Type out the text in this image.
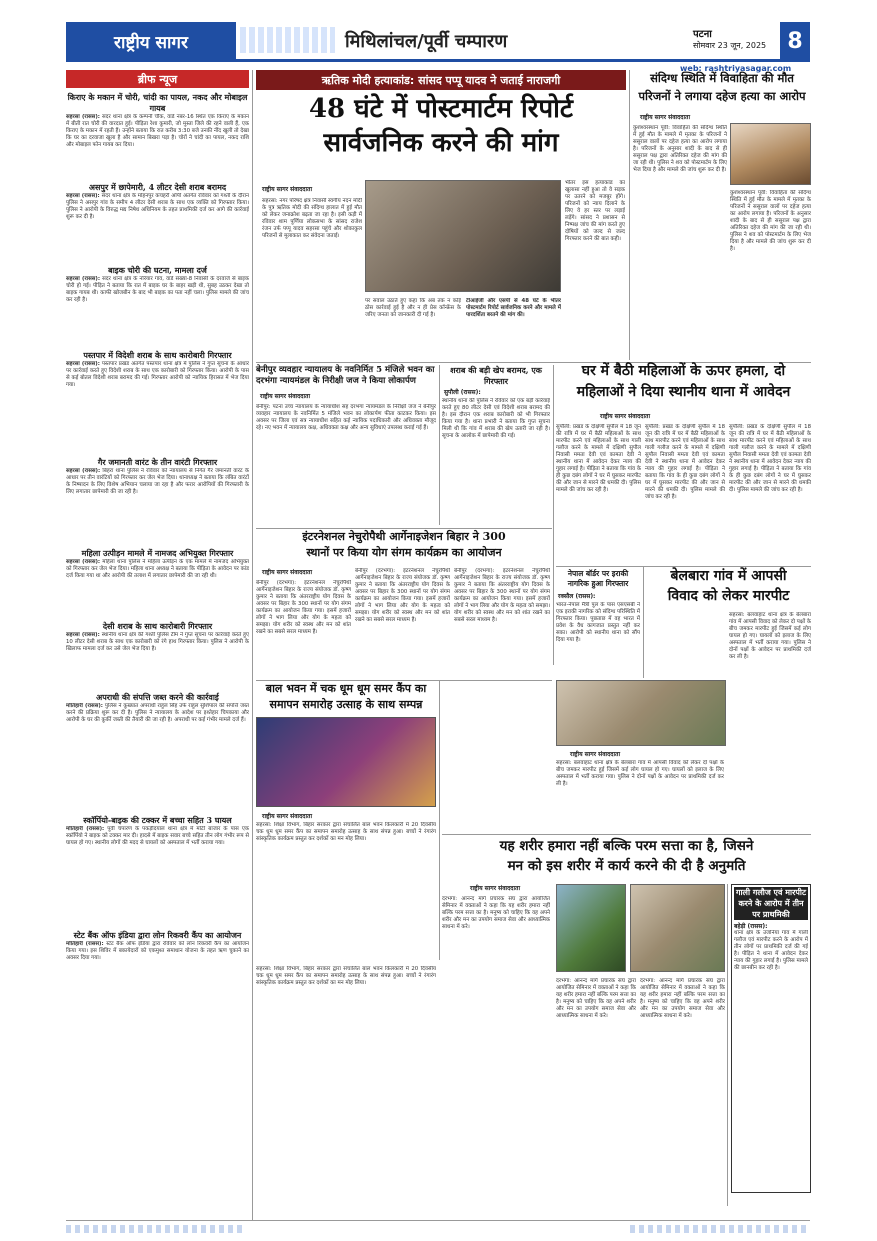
राष्ट्रीय सागर	मिथिलांचल/पूर्वी चम्पारण	पटना
सोमवार 23 जून, 2025 8
web: rashtriyasagar.com
ब्रीफ न्यूज
किराए के मकान में चोरी, चांदी का पायल, नकद और मोबाइल गायब
सहरसा (रासस): सदर थाना क्षेत्र के कम्पनी चौक, वार्ड नंबर-16 स्थित एक किराए के मकान में बीती रात चोरी की वारदात हुई। पीड़िता रेशा कुमारी, जो मुस्ता जिले की रहने वाली हैं, एक किराए के मकान में रहती हैं। उन्होंने बताया कि रात करीब 3:30 बजे उनकी नींद खुली तो देखा कि घर का दरवाजा खुला है और सामान बिखरा पड़ा है। चोरों ने चांदी का पायल, नकद राशि और मोबाइल फोन गायब कर दिया।
असपुर में छापेमारी, 4 लीटर देसी शराब बरामद
सहरसा (रासस): सदर थाना क्षेत्र के मोहनपुर कचहरी ओपी अंतर्गत रविवार को गश्ती के दौरान पुलिस ने असपुर गांव के समीप 4 लीटर देसी शराब के साथ एक व्यक्ति को गिरफ्तार किया। पुलिस ने आरोपी के विरुद्ध मद्य निषेध अधिनियम के तहत प्राथमिकी दर्ज कर आगे की कार्रवाई शुरू कर दी है।
बाइक चोरी की घटना, मामला दर्ज
सहरसा (रासस): सदर थाना क्षेत्र के नरियार गांव, वार्ड संख्या-8 निवासी के दरवाजे से बाइक चोरी हो गई। पीड़ित ने बताया कि रात में बाइक घर के बाहर खड़ी थी, सुबह उठकर देखा तो बाइक गायब थी। काफी खोजबीन के बाद भी बाइक का पता नहीं चला। पुलिस मामले की जांच कर रही है।
पस्तपार में विदेशी शराब के साथ कारोबारी गिरफ्तार
सहरसा (रासस): पस्तपार प्रखंड अंतर्गत पस्तपार थाना क्षेत्र में पुलिस ने गुप्त सूचना के आधार पर कार्रवाई करते हुए विदेशी शराब के साथ एक कारोबारी को गिरफ्तार किया। आरोपी के पास से कई बोतल विदेशी शराब बरामद की गई। गिरफ्तार आरोपी को न्यायिक हिरासत में भेज दिया गया।
गैर जमानती वारंट के तीन वारंटी गिरफ्तार
सहरसा (रासस): बिहरा थाना पुलिस ने रविवार को न्यायालय से निर्गत गैर जमानती वारंट के आधार पर तीन वारंटियों को गिरफ्तार कर जेल भेज दिया। थानाध्यक्ष ने बताया कि लंबित वारंटों के निष्पादन के लिए विशेष अभियान चलाया जा रहा है और फरार आरोपियों की गिरफ्तारी के लिए लगातार छापेमारी की जा रही है।
महिला उत्पीड़न मामले में नामजद अभियुक्त गिरफ्तार
सहरसा (रासस): महिला थाना पुलिस ने महिला उत्पीड़न के एक मामले में नामजद अभियुक्त को गिरफ्तार कर जेल भेज दिया। महिला थाना अध्यक्ष ने बताया कि पीड़िता के आवेदन पर कांड दर्ज किया गया था और आरोपी की तलाश में लगातार छापेमारी की जा रही थी।
देसी शराब के साथ कारोबारी गिरफ्तार
सहरसा (रासस): स्थानीय थाना क्षेत्र की गश्ती पुलिस टीम ने गुप्त सूचना पर कार्रवाई करते हुए 10 लीटर देसी शराब के साथ एक कारोबारी को रंगे हाथ गिरफ्तार किया। पुलिस ने आरोपी के खिलाफ मामला दर्ज कर उसे जेल भेज दिया है।
अपराधी की संपत्ति जब्त करने की कार्रवाई
मोतिहारी (रासस): पुलिस ने कुख्यात अपराधी राहुल सिंह उर्फ राहुल सुशिपाल की संपत्ति जब्त करने की प्रक्रिया शुरू कर दी है। पुलिस ने न्यायालय के आदेश पर इश्तेहार चिपकाया और आरोपी के घर की कुर्की जब्ती की तैयारी की जा रही है। अपराधी पर कई गंभीर मामले दर्ज हैं।
स्कॉर्पियो-बाइक की टक्कर में बच्चा सहित 3 घायल
मोतिहारी (रासस): पूर्वी चंपारण के पकड़ीदयाल थाना क्षेत्र में मोटी बाजार के पास एक स्कॉर्पियो ने बाइक को टक्कर मार दी। हादसे में बाइक सवार बच्चे सहित तीन लोग गंभीर रूप से घायल हो गए। स्थानीय लोगों की मदद से घायलों को अस्पताल में भर्ती कराया गया।
स्टेट बैंक ऑफ इंडिया द्वारा लोन रिकवरी कैंप का आयोजन
मोतिहारी (रासस): स्टेट बैंक ऑफ इंडिया द्वारा रविवार को लोन रिकवरी कैंप का आयोजन किया गया। इस शिविर में बकायेदारों को एकमुश्त समाधान योजना के तहत ऋण चुकाने का अवसर दिया गया।
ऋतिक मोदी हत्याकांड: सांसद पप्पू यादव ने जताई नाराजगी
48 घंटे में पोस्टमार्टम रिपोर्ट
सार्वजनिक करने की मांग
राष्ट्रीय सागर संवाददाता
सहरसा: नगर परिषद क्षेत्र निवासी स्वर्गीय नंदन मोदी के पुत्र ऋतिक मोदी की संदिग्ध हालात में हुई मौत को लेकर जनाक्रोश बढ़ता जा रहा है। इसी कड़ी में रविवार शाम पूर्णिया लोकसभा के सांसद राजेश रंजन उर्फ पप्पू यादव सहरसा पहुंचे और शोकाकुल परिजनों से मुलाकात कर संवेदना जताई।
पर सवाल उठाते हुए कहा कि अब तक न कोई ठोस कार्रवाई हुई है और न ही प्रेस कॉन्फ्रेंस के जरिए जनता को जानकारी दी गई है।
टीआईजी और एसपी से 48 घंटे के भीतर पोस्टमार्टम रिपोर्ट सार्वजनिक करने और मामले में पारदर्शिता बरतने की मांग की।
भीतर इस हत्याकांड का खुलासा नहीं हुआ तो वे सड़क पर उतरने को मजबूर होंगे। परिजनों को न्याय दिलाने के लिए वे हर स्तर पर लड़ाई लड़ेंगे। सांसद ने प्रशासन से निष्पक्ष जांच की मांग करते हुए दोषियों को जल्द से जल्द गिरफ्तार करने की बात कही।
संदिग्ध स्थिति में विवाहिता की मौत
परिजनों ने लगाया दहेज हत्या का आरोप
राष्ट्रीय सागर संवाददाता
कुशेश्वरस्थान पूर्वी: विवाहिता की संदिग्ध स्थिति में हुई मौत के मामले में मृतका के परिजनों ने ससुराल वालों पर दहेज हत्या का आरोप लगाया है। परिजनों के अनुसार शादी के बाद से ही ससुराल पक्ष द्वारा अतिरिक्त दहेज की मांग की जा रही थी। पुलिस ने शव को पोस्टमार्टम के लिए भेज दिया है और मामले की जांच शुरू कर दी है।
कुशेश्वरस्थान पूर्वी: विवाहिता की संदिग्ध स्थिति में हुई मौत के मामले में मृतका के परिजनों ने ससुराल वालों पर दहेज हत्या का आरोप लगाया है। परिजनों के अनुसार शादी के बाद से ही ससुराल पक्ष द्वारा अतिरिक्त दहेज की मांग की जा रही थी। पुलिस ने शव को पोस्टमार्टम के लिए भेज दिया है और मामले की जांच शुरू कर दी है।
बेनीपुर व्यवहार न्यायालय के नवनिर्मित 5 मंजिले भवन का दरभंगा न्यायमंडल के निरीक्षी जज ने किया लोकार्पण
राष्ट्रीय सागर संवाददाता
बेनीपुर: पटना उच्च न्यायालय के न्यायाधीश सह दरभंगा न्यायमंडल के निरीक्षी जज ने बेनीपुर व्यवहार न्यायालय के नवनिर्मित 5 मंजिले भवन का लोकार्पण फीता काटकर किया। इस अवसर पर जिला एवं सत्र न्यायाधीश सहित कई न्यायिक पदाधिकारी और अधिवक्ता मौजूद रहे। नए भवन में न्यायालय कक्ष, अधिवक्ता कक्ष और अन्य सुविधाएं उपलब्ध कराई गई हैं।
शराब की बड़ी खेप बरामद, एक गिरफ्तार
सुपौली (रासस):
स्थानीय थाना की पुलिस ने रविवार को एक बड़ी कार्रवाई करते हुए 80 लीटर देसी एवं विदेशी शराब बरामद की है। इस दौरान एक शराब कारोबारी को भी गिरफ्तार किया गया है। थाना प्रभारी ने बताया कि गुप्त सूचना मिली थी कि गांव में शराब की खेप उतारी जा रही है। सूचना के आलोक में छापेमारी की गई।
घर में बैठी महिलाओं के ऊपर हमला, दो
महिलाओं ने दिया स्थानीय थाना में आवेदन
राष्ट्रीय सागर संवाददाता
सुपौली: प्रखंड के दक्षिणी सुपौल में 18 जून की रात्रि में घर में बैठी महिलाओं के साथ मारपीट करने एवं महिलाओं के साथ गाली गलौज करने के मामले में दक्षिणी सुपौल निवासी ममता देवी एवं कामता देवी ने स्थानीय थाना में आवेदन देकर न्याय की गुहार लगाई है। पीड़िता ने बताया कि गांव के ही कुछ दबंग लोगों ने घर में घुसकर मारपीट की और जान से मारने की धमकी दी। पुलिस मामले की जांच कर रही है।
सुपौली: प्रखंड के दक्षिणी सुपौल में 18 जून की रात्रि में घर में बैठी महिलाओं के साथ मारपीट करने एवं महिलाओं के साथ गाली गलौज करने के मामले में दक्षिणी सुपौल निवासी ममता देवी एवं कामता देवी ने स्थानीय थाना में आवेदन देकर न्याय की गुहार लगाई है। पीड़िता ने बताया कि गांव के ही कुछ दबंग लोगों ने घर में घुसकर मारपीट की और जान से मारने की धमकी दी। पुलिस मामले की जांच कर रही है।
सुपौली: प्रखंड के दक्षिणी सुपौल में 18 जून की रात्रि में घर में बैठी महिलाओं के साथ मारपीट करने एवं महिलाओं के साथ गाली गलौज करने के मामले में दक्षिणी सुपौल निवासी ममता देवी एवं कामता देवी ने स्थानीय थाना में आवेदन देकर न्याय की गुहार लगाई है। पीड़िता ने बताया कि गांव के ही कुछ दबंग लोगों ने घर में घुसकर मारपीट की और जान से मारने की धमकी दी। पुलिस मामले की जांच कर रही है।
इंटरनेशनल नेचुरोपैथी आर्गेनाइजेशन बिहार ने 300
स्थानों पर किया योग संगम कार्यक्रम का आयोजन
राष्ट्रीय सागर संवाददाता
बेनीपुर (दरभंगा): इंटरनेशनल नेचुरोपैथी आर्गेनाइजेशन बिहार के राज्य संयोजक डॉ. कृष्ण कुमार ने बताया कि अंतरराष्ट्रीय योग दिवस के अवसर पर बिहार के 300 स्थानों पर योग संगम कार्यक्रम का आयोजन किया गया। इसमें हजारों लोगों ने भाग लिया और योग के महत्व को समझा। योग शरीर को स्वस्थ और मन को शांत रखने का सबसे सरल माध्यम है।
बेनीपुर (दरभंगा): इंटरनेशनल नेचुरोपैथी आर्गेनाइजेशन बिहार के राज्य संयोजक डॉ. कृष्ण कुमार ने बताया कि अंतरराष्ट्रीय योग दिवस के अवसर पर बिहार के 300 स्थानों पर योग संगम कार्यक्रम का आयोजन किया गया। इसमें हजारों लोगों ने भाग लिया और योग के महत्व को समझा। योग शरीर को स्वस्थ और मन को शांत रखने का सबसे सरल माध्यम है।
बेनीपुर (दरभंगा): इंटरनेशनल नेचुरोपैथी आर्गेनाइजेशन बिहार के राज्य संयोजक डॉ. कृष्ण कुमार ने बताया कि अंतरराष्ट्रीय योग दिवस के अवसर पर बिहार के 300 स्थानों पर योग संगम कार्यक्रम का आयोजन किया गया। इसमें हजारों लोगों ने भाग लिया और योग के महत्व को समझा। योग शरीर को स्वस्थ और मन को शांत रखने का सबसे सरल माध्यम है।
नेपाल बॉर्डर पर इराकी नागरिक हुआ गिरफ्तार
रक्सौल (रासस):
भारत-नेपाल मैत्री पुल के पास एसएसबी ने एक इराकी नागरिक को संदिग्ध परिस्थिति में गिरफ्तार किया। पूछताछ में वह भारत में प्रवेश के वैध कागजात प्रस्तुत नहीं कर सका। आरोपी को स्थानीय थाना को सौंप दिया गया है।
बेलबारा गांव में आपसी
विवाद को लेकर मारपीट
राष्ट्रीय सागर संवाददाता
सहरसा: बलवाहाट थाना क्षेत्र के बेलबारा गांव में आपसी विवाद को लेकर दो पक्षों के बीच जमकर मारपीट हुई जिसमें कई लोग घायल हो गए। घायलों को इलाज के लिए अस्पताल में भर्ती कराया गया। पुलिस ने दोनों पक्षों के आवेदन पर प्राथमिकी दर्ज कर ली है।
सहरसा: बलवाहाट थाना क्षेत्र के बेलबारा गांव में आपसी विवाद को लेकर दो पक्षों के बीच जमकर मारपीट हुई जिसमें कई लोग घायल हो गए। घायलों को इलाज के लिए अस्पताल में भर्ती कराया गया। पुलिस ने दोनों पक्षों के आवेदन पर प्राथमिकी दर्ज कर ली है।
बाल भवन में चक धूम धूम समर कैंप का
समापन समारोह उत्साह के साथ सम्पन्न
राष्ट्रीय सागर संवाददाता
सहरसा: शिक्षा विभाग, बिहार सरकार द्वारा संचालित बाल भवन किलकारी में 20 दिवसीय चक धूम धूम समर कैंप का समापन समारोह उत्साह के साथ संपन्न हुआ। बच्चों ने रंगारंग सांस्कृतिक कार्यक्रम प्रस्तुत कर दर्शकों का मन मोह लिया।	यह शरीर हमारा नहीं बल्कि परम सत्ता का है, जिसने
मन को इस शरीर में कार्य करने की दी है अनुमति
राष्ट्रीय सागर संवाददाता
दरभंगा: आनन्द मार्ग प्रचारक संघ द्वारा आयोजित सेमिनार में वक्ताओं ने कहा कि यह शरीर हमारा नहीं बल्कि परम सत्ता का है। मनुष्य को चाहिए कि वह अपने शरीर और मन का उपयोग समाज सेवा और आध्यात्मिक साधना में करे।
दरभंगा: आनन्द मार्ग प्रचारक संघ द्वारा आयोजित सेमिनार में वक्ताओं ने कहा कि यह शरीर हमारा नहीं बल्कि परम सत्ता का है। मनुष्य को चाहिए कि वह अपने शरीर और मन का उपयोग समाज सेवा और आध्यात्मिक साधना में करे।
दरभंगा: आनन्द मार्ग प्रचारक संघ द्वारा आयोजित सेमिनार में वक्ताओं ने कहा कि यह शरीर हमारा नहीं बल्कि परम सत्ता का है। मनुष्य को चाहिए कि वह अपने शरीर और मन का उपयोग समाज सेवा और आध्यात्मिक साधना में करे।
सहरसा: शिक्षा विभाग, बिहार सरकार द्वारा संचालित बाल भवन किलकारी में 20 दिवसीय चक धूम धूम समर कैंप का समापन समारोह उत्साह के साथ संपन्न हुआ। बच्चों ने रंगारंग सांस्कृतिक कार्यक्रम प्रस्तुत कर दर्शकों का मन मोह लिया।
गाली गलौज एवं मारपीट करने के आरोप में तीन पर प्राथमिकी
बहेड़ी (रासस):
थाना क्षेत्र के उजनिया गांव में गाली गलौज एवं मारपीट करने के आरोप में तीन लोगों पर प्राथमिकी दर्ज की गई है। पीड़ित ने थाना में आवेदन देकर न्याय की गुहार लगाई है। पुलिस मामले की छानबीन कर रही है।
